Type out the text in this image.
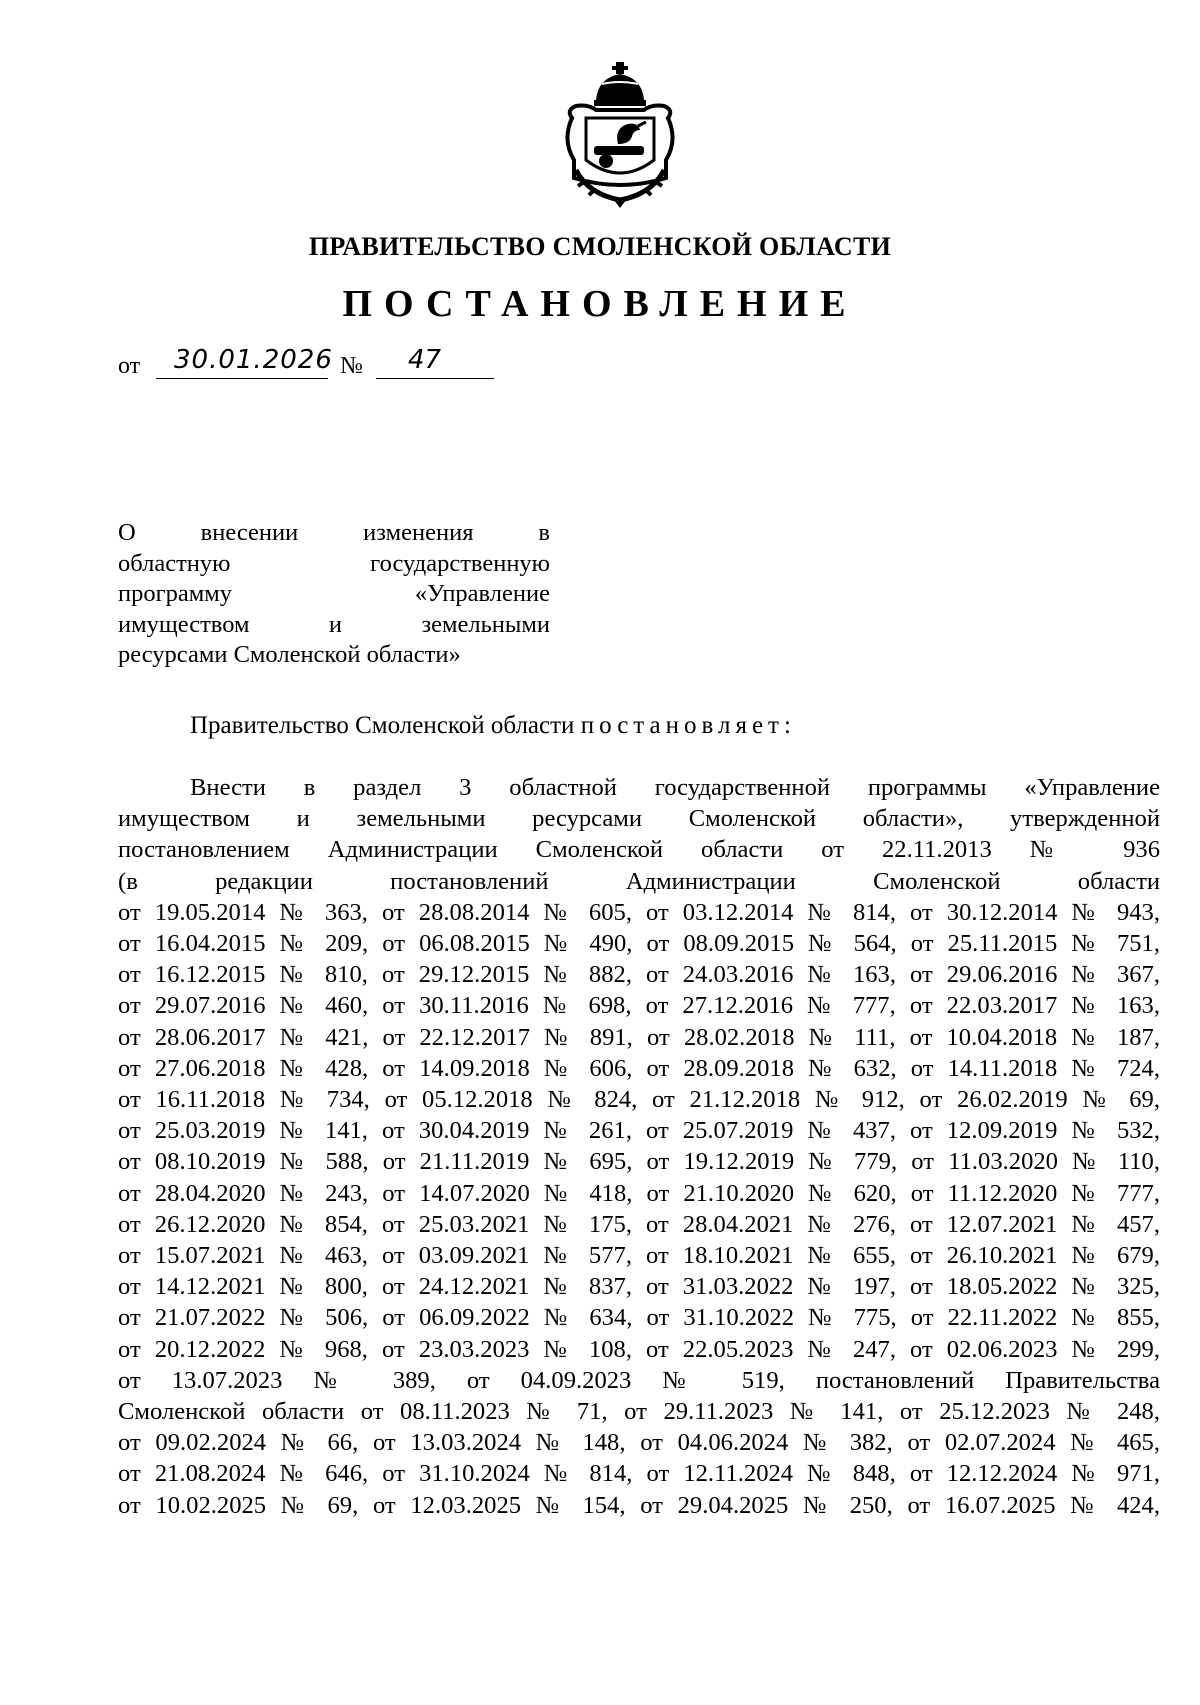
ПРАВИТЕЛЬСТВО СМОЛЕНСКОЙ ОБЛАСТИ
ПОСТАНОВЛЕНИЕ
от	30.01.2026 №	47
О внесении изменения в
областную государственную
программу «Управление
имуществом и земельными
ресурсами Смоленской области»
Правительство Смоленской области постановляет:
Внести в раздел 3 областной государственной программы «Управление
имуществом и земельными ресурсами Смоленской области», утвержденной
постановлением Администрации Смоленской области от 22.11.2013 № 936
(в редакции постановлений Администрации Смоленской области
от 19.05.2014 № 363, от 28.08.2014 № 605, от 03.12.2014 № 814, от 30.12.2014 № 943,
от 16.04.2015 № 209, от 06.08.2015 № 490, от 08.09.2015 № 564, от 25.11.2015 № 751,
от 16.12.2015 № 810, от 29.12.2015 № 882, от 24.03.2016 № 163, от 29.06.2016 № 367,
от 29.07.2016 № 460, от 30.11.2016 № 698, от 27.12.2016 № 777, от 22.03.2017 № 163,
от 28.06.2017 № 421, от 22.12.2017 № 891, от 28.02.2018 № 111, от 10.04.2018 № 187,
от 27.06.2018 № 428, от 14.09.2018 № 606, от 28.09.2018 № 632, от 14.11.2018 № 724,
от 16.11.2018 № 734, от 05.12.2018 № 824, от 21.12.2018 № 912, от 26.02.2019 № 69,
от 25.03.2019 № 141, от 30.04.2019 № 261, от 25.07.2019 № 437, от 12.09.2019 № 532,
от 08.10.2019 № 588, от 21.11.2019 № 695, от 19.12.2019 № 779, от 11.03.2020 № 110,
от 28.04.2020 № 243, от 14.07.2020 № 418, от 21.10.2020 № 620, от 11.12.2020 № 777,
от 26.12.2020 № 854, от 25.03.2021 № 175, от 28.04.2021 № 276, от 12.07.2021 № 457,
от 15.07.2021 № 463, от 03.09.2021 № 577, от 18.10.2021 № 655, от 26.10.2021 № 679,
от 14.12.2021 № 800, от 24.12.2021 № 837, от 31.03.2022 № 197, от 18.05.2022 № 325,
от 21.07.2022 № 506, от 06.09.2022 № 634, от 31.10.2022 № 775, от 22.11.2022 № 855,
от 20.12.2022 № 968, от 23.03.2023 № 108, от 22.05.2023 № 247, от 02.06.2023 № 299,
от 13.07.2023 № 389, от 04.09.2023 № 519, постановлений Правительства
Смоленской области от 08.11.2023 № 71, от 29.11.2023 № 141, от 25.12.2023 № 248,
от 09.02.2024 № 66, от 13.03.2024 № 148, от 04.06.2024 № 382, от 02.07.2024 № 465,
от 21.08.2024 № 646, от 31.10.2024 № 814, от 12.11.2024 № 848, от 12.12.2024 № 971,
от 10.02.2025 № 69, от 12.03.2025 № 154, от 29.04.2025 № 250, от 16.07.2025 № 424,
